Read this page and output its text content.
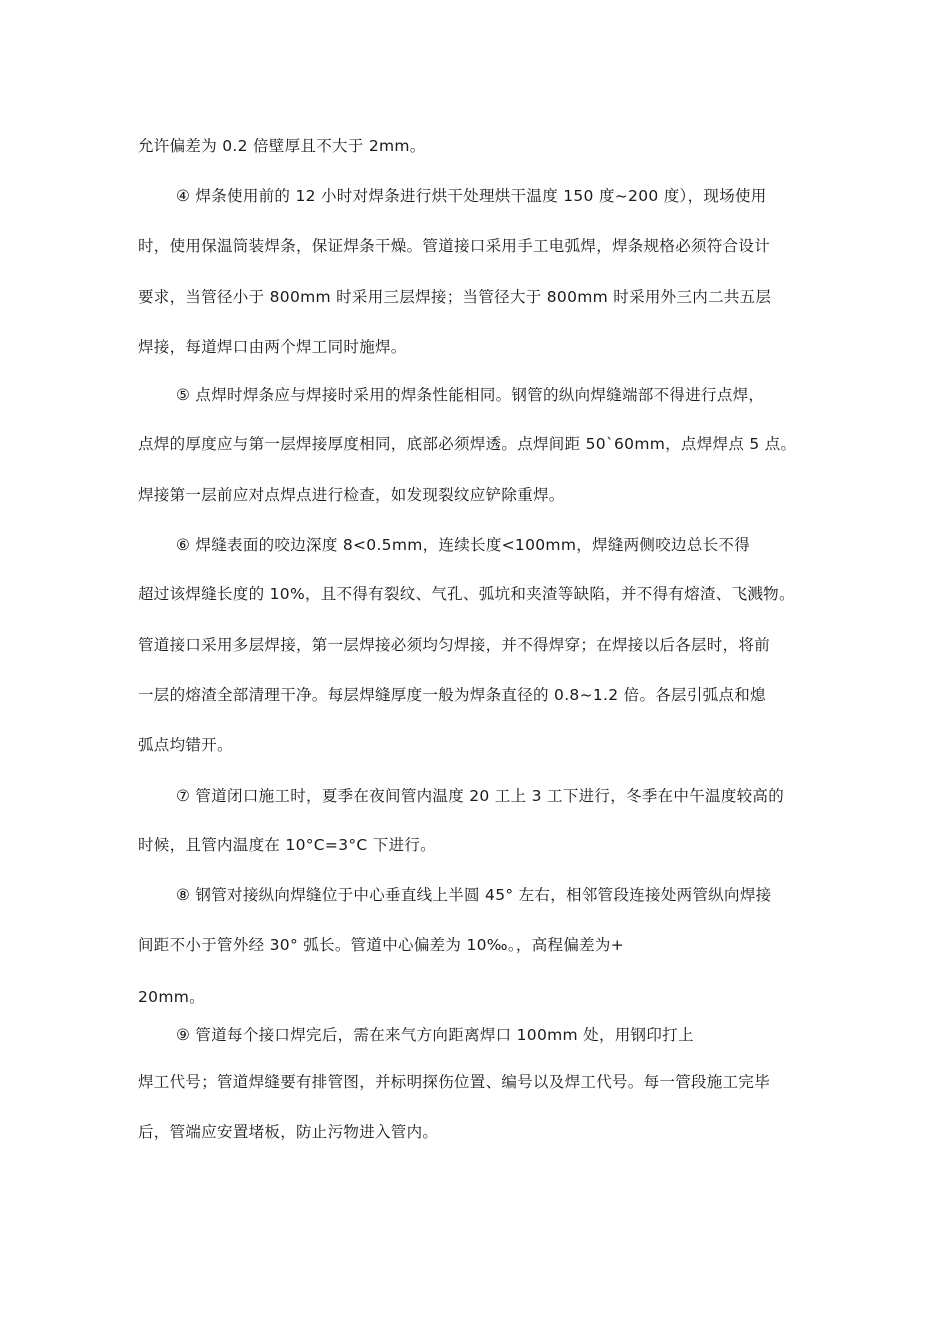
允许偏差为 0.2 倍壁厚且不大于 2mm。
④ 焊条使用前的 12 小时对焊条进行烘干处理烘干温度 150 度~200 度），现场使用
时，使用保温筒装焊条，保证焊条干燥。管道接口采用手工电弧焊，焊条规格必须符合设计
要求，当管径小于 800mm 时采用三层焊接；当管径大于 800mm 时采用外三内二共五层
焊接，每道焊口由两个焊工同时施焊。
⑤ 点焊时焊条应与焊接时采用的焊条性能相同。钢管的纵向焊缝端部不得进行点焊，
点焊的厚度应与第一层焊接厚度相同，底部必须焊透。点焊间距 50`60mm，点焊焊点 5 点。
焊接第一层前应对点焊点进行检查，如发现裂纹应铲除重焊。
⑥ 焊缝表面的咬边深度 8<0.5mm，连续长度<100mm，焊缝两侧咬边总长不得
超过该焊缝长度的 10%，且不得有裂纹、气孔、弧坑和夹渣等缺陷，并不得有熔渣、飞溅物。
管道接口采用多层焊接，第一层焊接必须均匀焊接，并不得焊穿；在焊接以后各层时，将前
一层的熔渣全部清理干净。每层焊缝厚度一般为焊条直径的 0.8~1.2 倍。各层引弧点和熄
弧点均错开。
⑦ 管道闭口施工时，夏季在夜间管内温度 20 工上 3 工下进行，冬季在中午温度较高的
时候，且管内温度在 10°C=3°C 下进行。
⑧ 钢管对接纵向焊缝位于中心垂直线上半圆 45° 左右，相邻管段连接处两管纵向焊接
间距不小于管外经 30° 弧长。管道中心偏差为 10‰。，高程偏差为+
20mm。
⑨ 管道每个接口焊完后，需在来气方向距离焊口 100mm 处，用钢印打上
焊工代号；管道焊缝要有排管图，并标明探伤位置、编号以及焊工代号。每一管段施工完毕
后，管端应安置堵板，防止污物进入管内。
